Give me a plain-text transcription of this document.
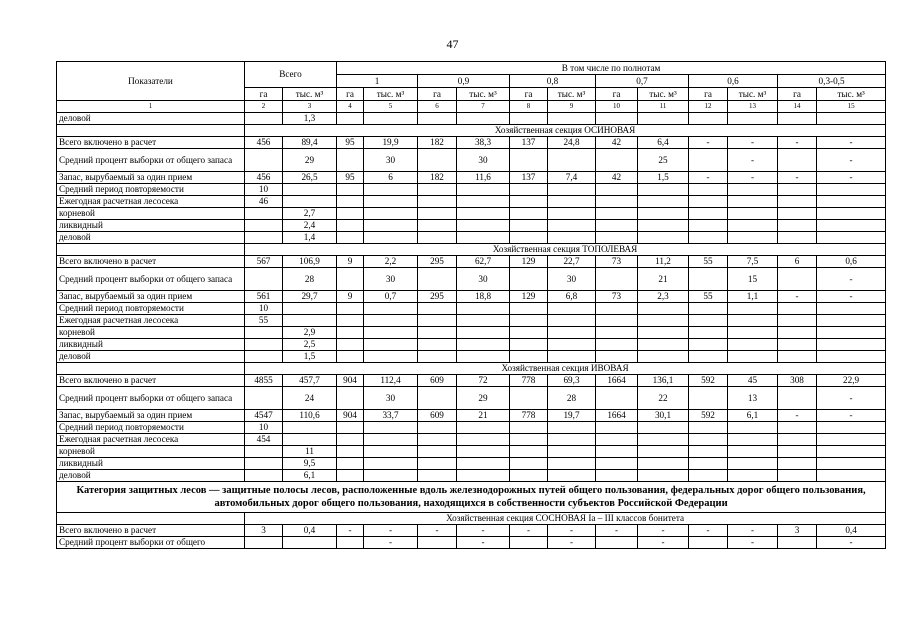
47
Показатели	Всего		В том числе по полнотам											
			1		0,9		0,8		0,7		0,6		0,3-0,5	
	га	тыс. м³	га	тыс. м³	га	тыс. м³	га	тыс. м³	га	тыс. м³	га	тыс. м³	га	тыс. м³
1	2	3	4	5	6	7	8	9	10	11	12	13	14	15
деловой		1,3												
	Хозяйственная секция ОСИНОВАЯ													
Всего включено в расчет	456	89,4	95	19,9	182	38,3	137	24,8	42	6,4	-	-	-	-
Средний процент выборки от общего запаса		29		30		30				25		-		-
Запас, вырубаемый за один прием	456	26,5	95	6	182	11,6	137	7,4	42	1,5	-	-	-	-
Средний период повторяемости	10													
Ежегодная расчетная лесосека	46													
корневой		2,7												
ликвидный		2,4												
деловой		1,4												
	Хозяйственная секция ТОПОЛЕВАЯ													
Всего включено в расчет	567	106,9	9	2,2	295	62,7	129	22,7	73	11,2	55	7,5	6	0,6
Средний процент выборки от общего запаса		28		30		30		30		21		15		-
Запас, вырубаемый за один прием	561	29,7	9	0,7	295	18,8	129	6,8	73	2,3	55	1,1	-	-
Средний период повторяемости	10													
Ежегодная расчетная лесосека	55													
корневой		2,9												
ликвидный		2,5												
деловой		1,5												
	Хозяйственная секция ИВОВАЯ													
Всего включено в расчет	4855	457,7	904	112,4	609	72	778	69,3	1664	136,1	592	45	308	22,9
Средний процент выборки от общего запаса		24		30		29		28		22		13		-
Запас, вырубаемый за один прием	4547	110,6	904	33,7	609	21	778	19,7	1664	30,1	592	6,1	-	-
Средний период повторяемости	10													
Ежегодная расчетная лесосека	454													
корневой		11												
ликвидный		9,5												
деловой		6,1												
Категория защитных лесов — защитные полосы лесов, расположенные вдоль железнодорожных путей общего пользования, федеральных дорог общего пользования, автомобильных дорог общего пользования, находящихся в собственности субъектов Российской Федерации														
	Хозяйственная секция СОСНОВАЯ Iа – III классов бонитета													
Всего включено в расчет	3	0,4	-	-	-	-	-	-	-	-	-	-	3	0,4
Средний процент выборки от общего				-		-		-		-		-		-
